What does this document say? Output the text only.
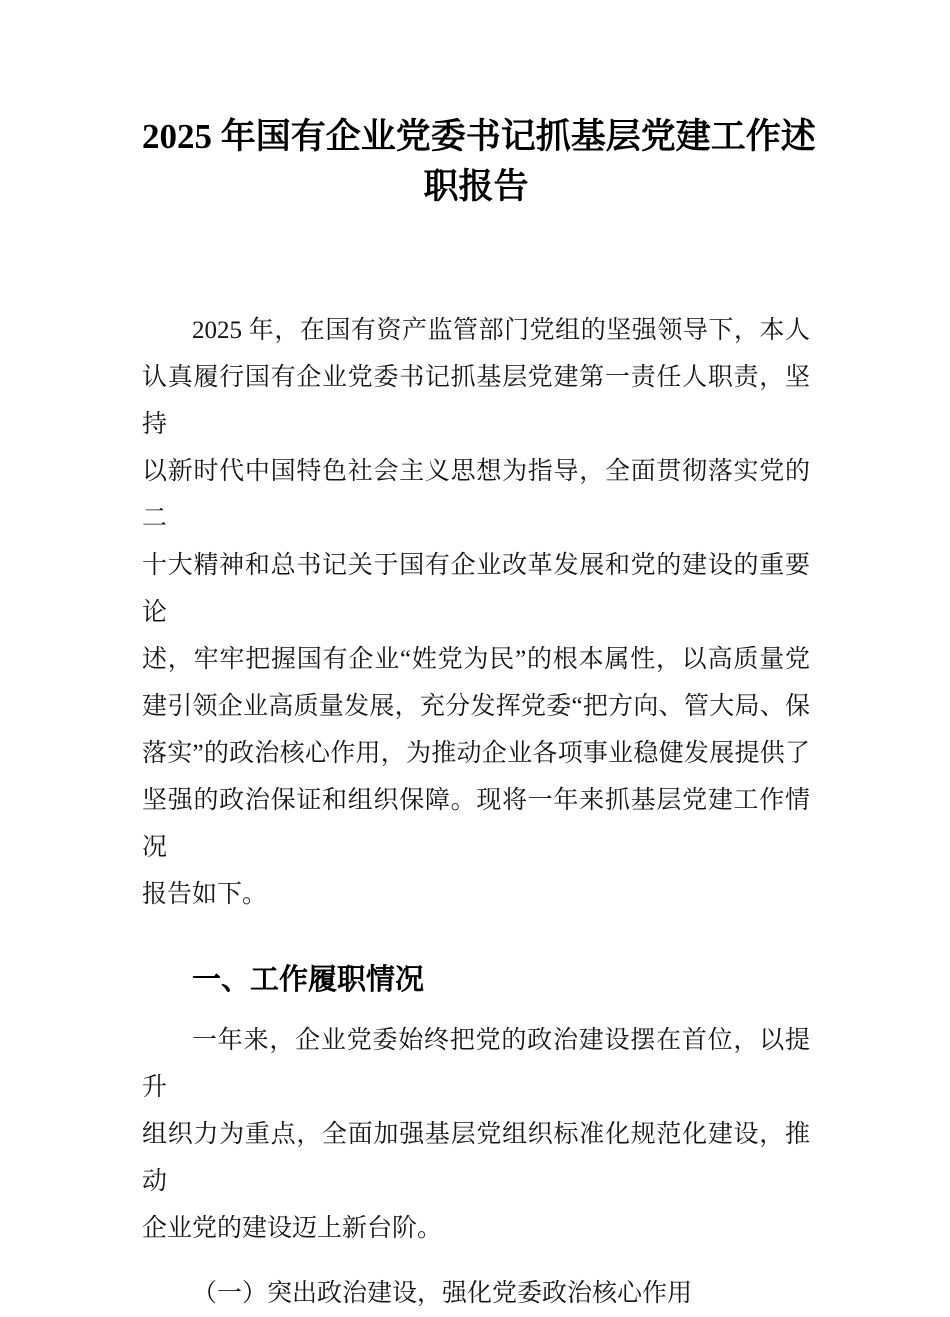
2025 年国有企业党委书记抓基层党建工作述
职报告
2025 年，在国有资产监管部门党组的坚强领导下，本人
认真履行国有企业党委书记抓基层党建第一责任人职责，坚持
以新时代中国特色社会主义思想为指导，全面贯彻落实党的二
十大精神和总书记关于国有企业改革发展和党的建设的重要论
述，牢牢把握国有企业“姓党为民”的根本属性，以高质量党
建引领企业高质量发展，充分发挥党委“把方向、管大局、保
落实”的政治核心作用，为推动企业各项事业稳健发展提供了
坚强的政治保证和组织保障。现将一年来抓基层党建工作情况
报告如下。
一、工作履职情况
一年来，企业党委始终把党的政治建设摆在首位，以提升
组织力为重点，全面加强基层党组织标准化规范化建设，推动
企业党的建设迈上新台阶。
（一）突出政治建设，强化党委政治核心作用
